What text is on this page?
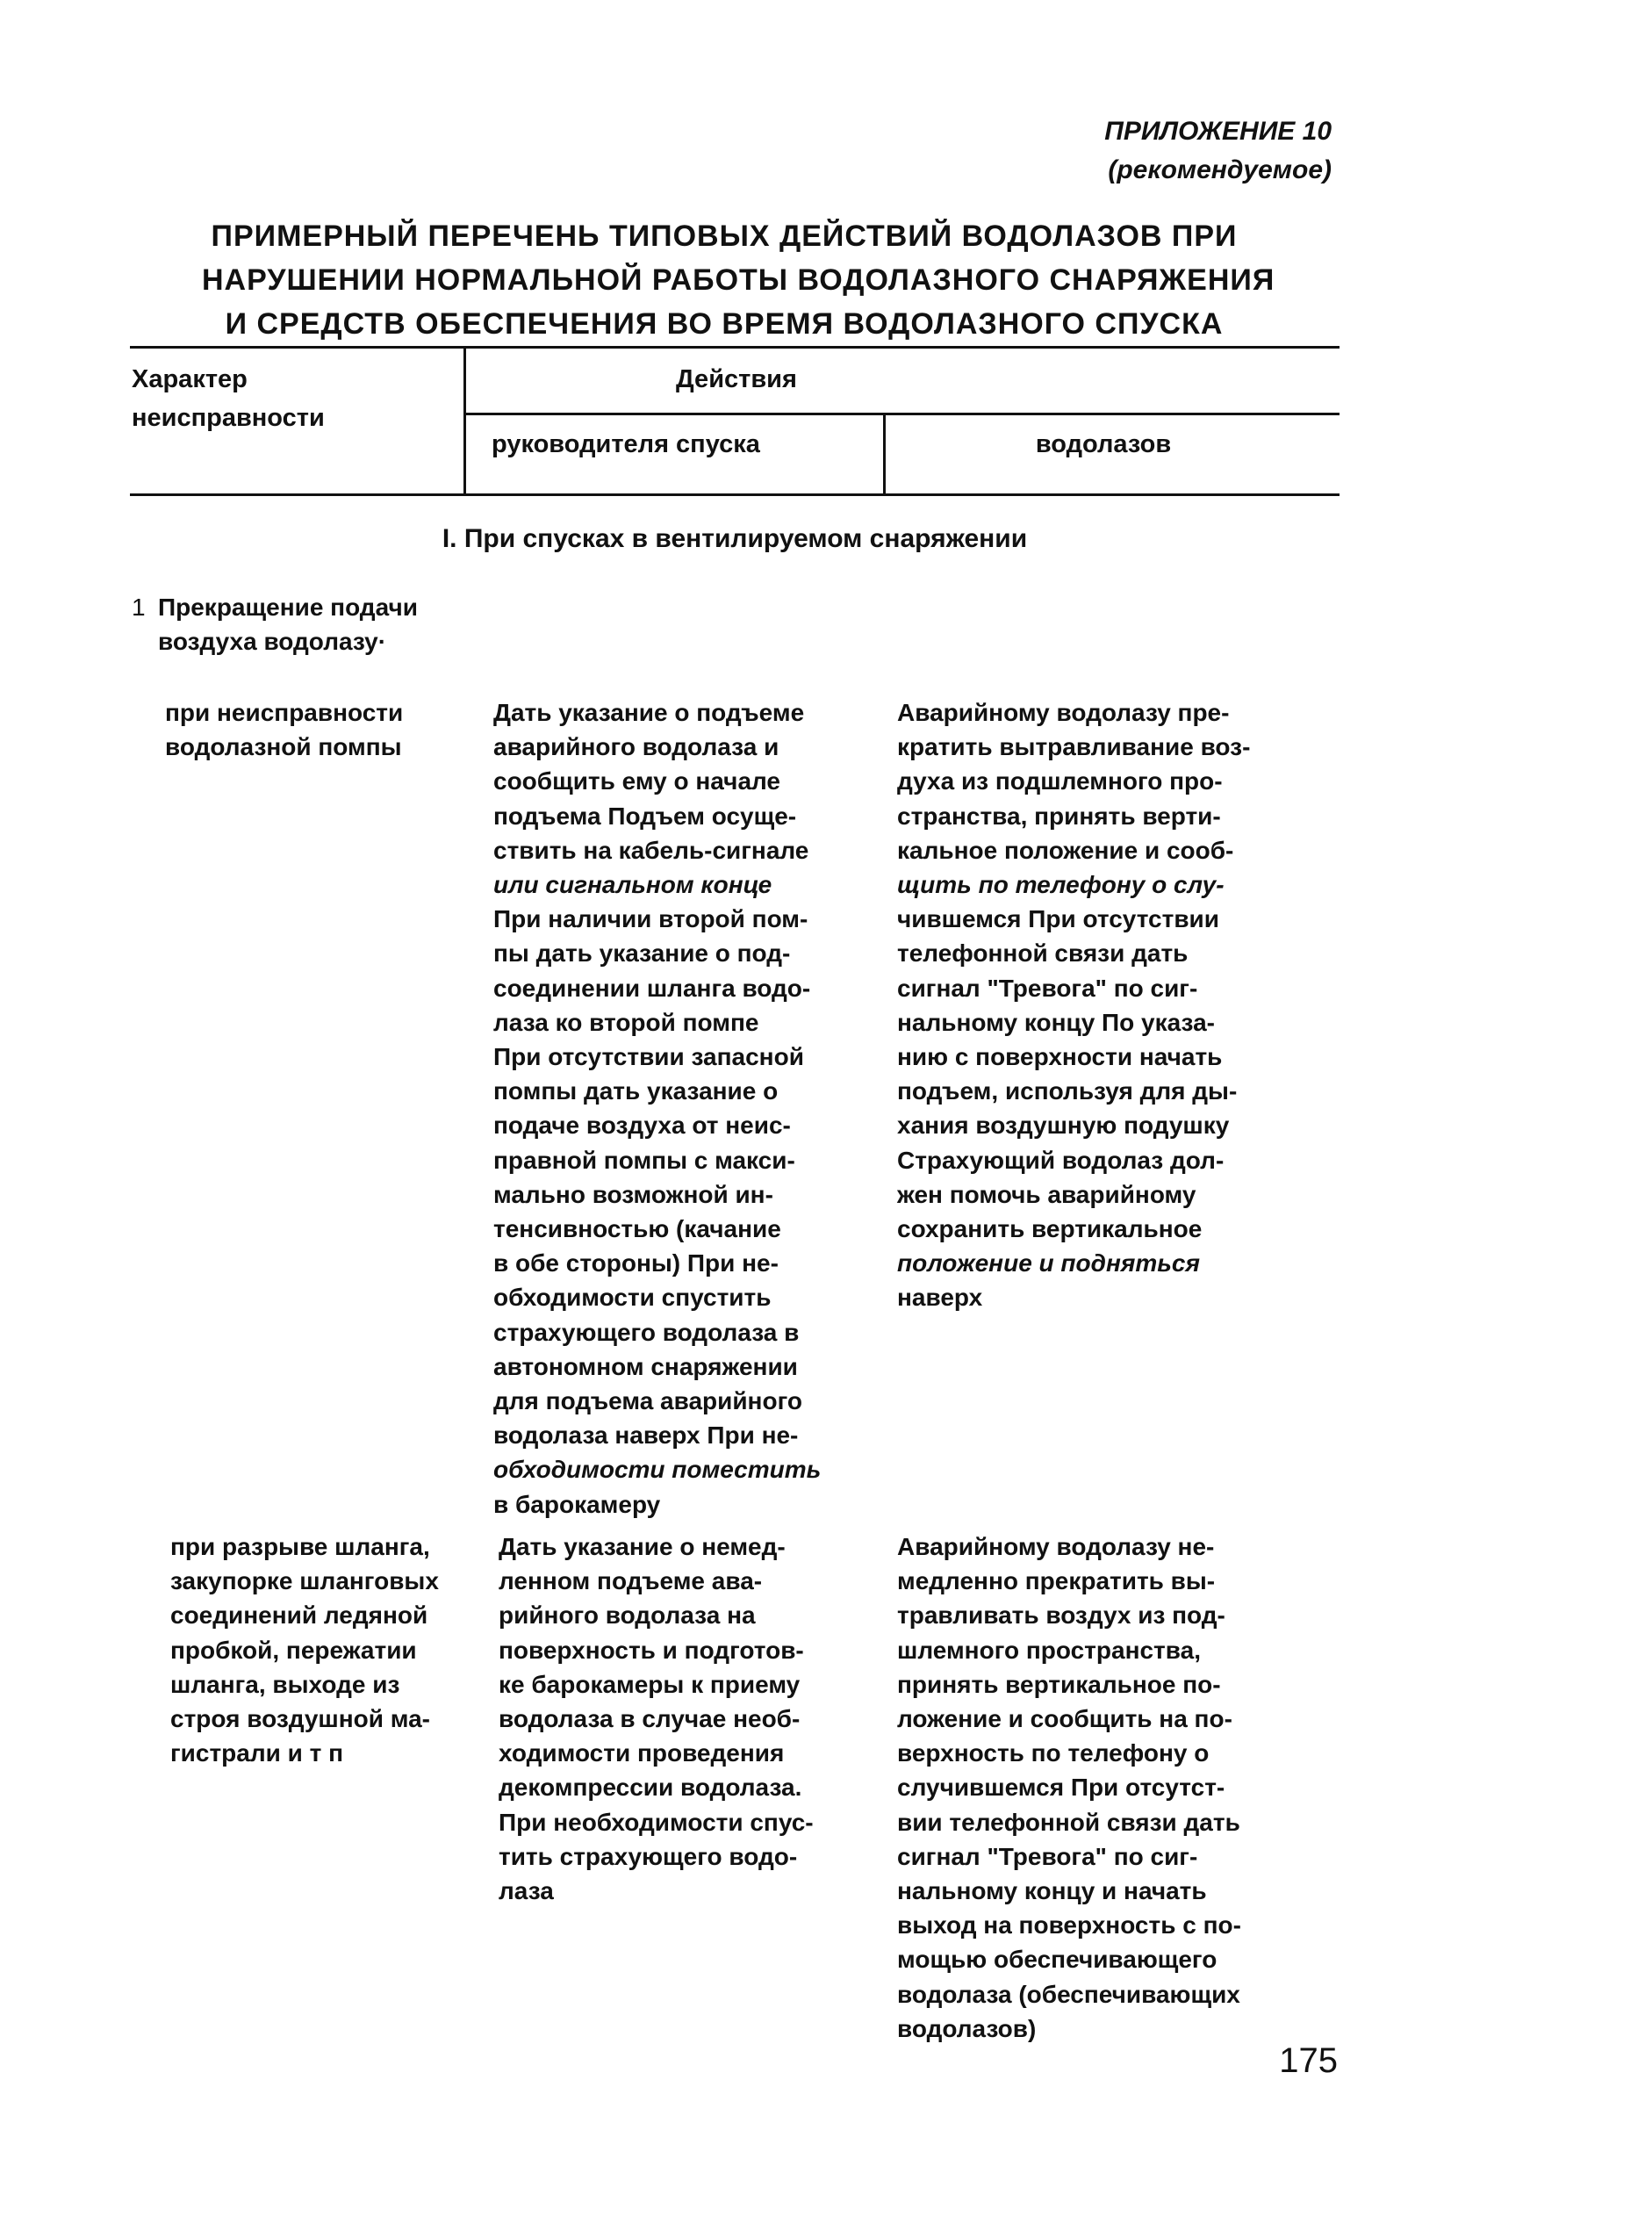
ПРИЛОЖЕНИЕ 10
(рекомендуемое)
ПРИМЕРНЫЙ ПЕРЕЧЕНЬ ТИПОВЫХ ДЕЙСТВИЙ ВОДОЛАЗОВ ПРИ
НАРУШЕНИИ НОРМАЛЬНОЙ РАБОТЫ ВОДОЛАЗНОГО СНАРЯЖЕНИЯ
И СРЕДСТВ ОБЕСПЕЧЕНИЯ ВО ВРЕМЯ ВОДОЛАЗНОГО СПУСКА
Характер
неисправности
Действия
руководителя спуска	водолазов
I. При спусках в вентилируемом снаряжении
1 Прекращение подачи
воздуха водолазу·
при неисправности
водолазной помпы
Дать указание о подъеме
аварийного водолаза и
сообщить ему о начале
подъема Подъем осуще-
ствить на кабель-сигнале
или сигнальном конце
При наличии второй пом-
пы дать указание о под-
соединении шланга водо-
лаза ко второй помпе
При отсутствии запасной
помпы дать указание о
подаче воздуха от неис-
правной помпы с макси-
мально возможной ин-
тенсивностью (качание
в обе стороны) При не-
обходимости спустить
страхующего водолаза в
автономном снаряжении
для подъема аварийного
водолаза наверх При не-
обходимости поместить
в барокамеру
Аварийному водолазу пре-
кратить вытравливание воз-
духа из подшлемного про-
странства, принять верти-
кальное положение и сооб-
щить по телефону о слу-
чившемся При отсутствии
телефонной связи дать
сигнал "Тревога" по сиг-
нальному концу По указа-
нию с поверхности начать
подъем, используя для ды-
хания воздушную подушку
Страхующий водолаз дол-
жен помочь аварийному
сохранить вертикальное
положение и подняться
наверх
при разрыве шланга,
закупорке шланговых
соединений ледяной
пробкой, пережатии
шланга, выходе из
строя воздушной ма-
гистрали и т п
Дать указание о немед-
ленном подъеме ава-
рийного водолаза на
поверхность и подготов-
ке барокамеры к приему
водолаза в случае необ-
ходимости проведения
декомпрессии водолаза.
При необходимости спус-
тить страхующего водо-
лаза
Аварийному водолазу не-
медленно прекратить вы-
травливать воздух из под-
шлемного пространства,
принять вертикальное по-
ложение и сообщить на по-
верхность по телефону о
случившемся При отсутст-
вии телефонной связи дать
сигнал "Тревога" по сиг-
нальному концу и начать
выход на поверхность с по-
мощью обеспечивающего
водолаза (обеспечивающих
водолазов)
175
